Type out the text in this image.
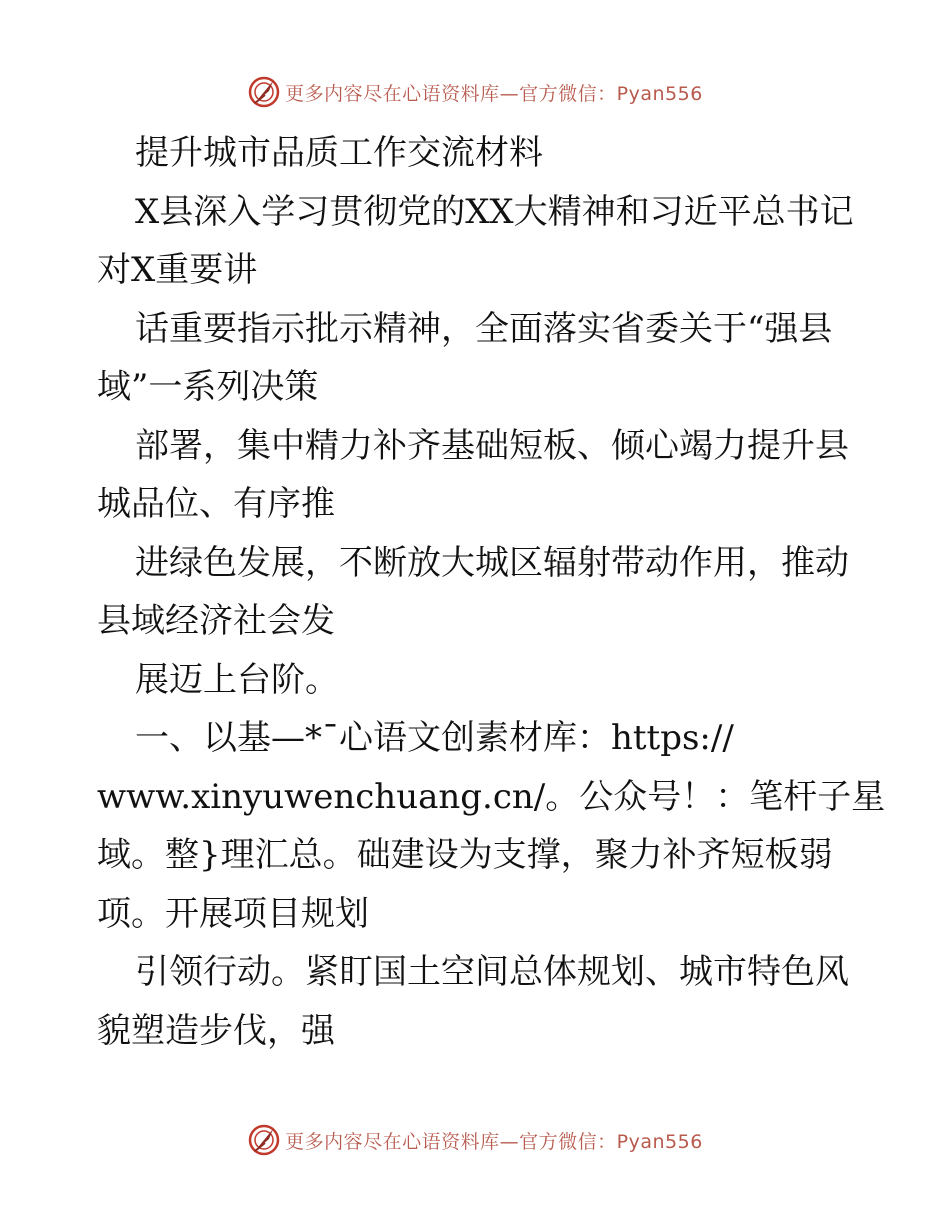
更多内容尽在心语资料库—官方微信：Pyan556
提升城市品质工作交流材料
X县深入学习贯彻党的XX大精神和习近平总书记
对X重要讲
话重要指示批示精神，全面落实省委关于“强县
域”一系列决策
部署，集中精力补齐基础短板、倾心竭力提升县
城品位、有序推
进绿色发展，不断放大城区辐射带动作用，推动
县域经济社会发
展迈上台阶。
一、以基—*¯心语文创素材库：https://
www.xinyuwenchuang.cn/。公众号！：笔杆子星
域。整}理汇总。础建设为支撑，聚力补齐短板弱
项。开展项目规划
引领行动。紧盯国土空间总体规划、城市特色风
貌塑造步伐，强
更多内容尽在心语资料库—官方微信：Pyan556
